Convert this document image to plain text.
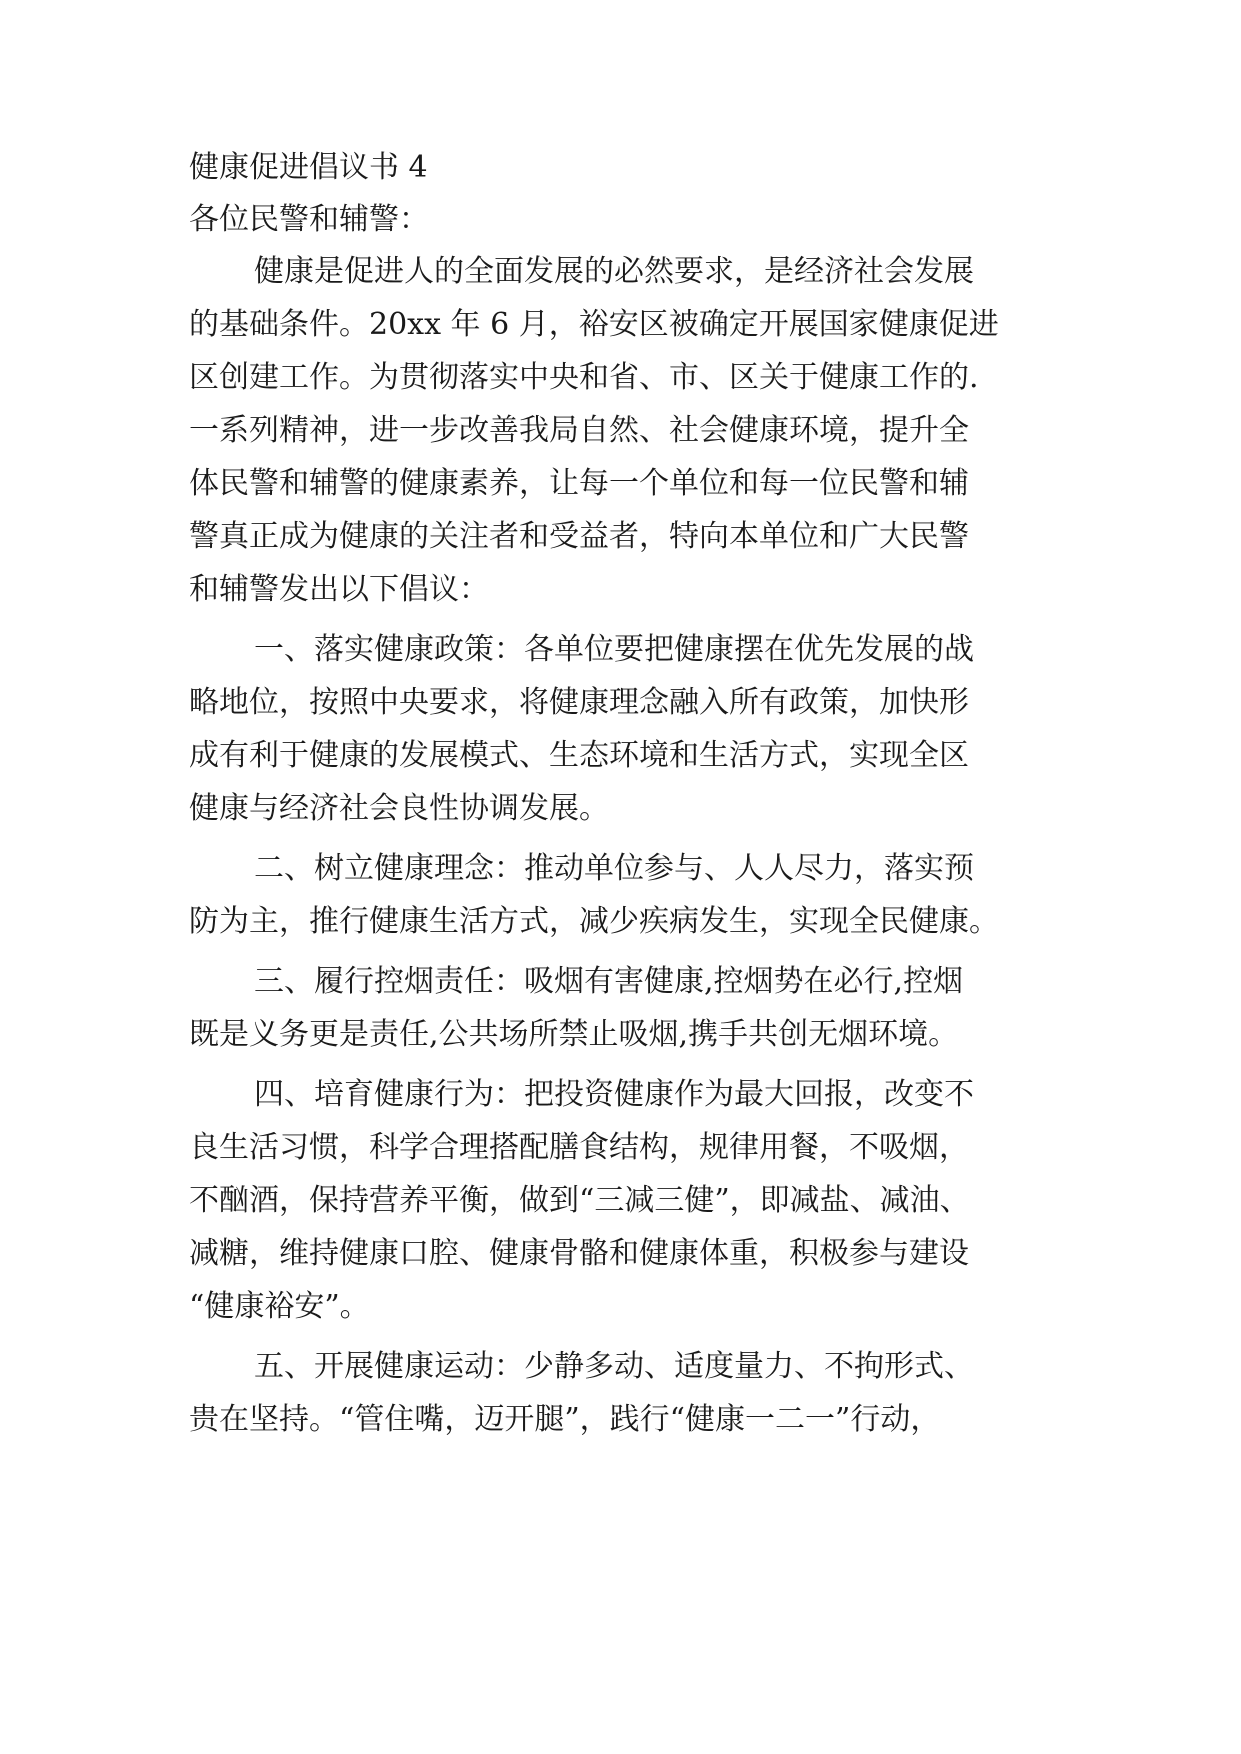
健康促进倡议书 4

各位民警和辅警：

健康是促进人的全面发展的必然要求，是经济社会发展

的基础条件。20xx 年 6 月，裕安区被确定开展国家健康促进

区创建工作。为贯彻落实中央和省、市、区关于健康工作的.

一系列精神，进一步改善我局自然、社会健康环境，提升全

体民警和辅警的健康素养，让每一个单位和每一位民警和辅

警真正成为健康的关注者和受益者，特向本单位和广大民警

和辅警发出以下倡议：

一、落实健康政策：各单位要把健康摆在优先发展的战

略地位，按照中央要求，将健康理念融入所有政策，加快形

成有利于健康的发展模式、生态环境和生活方式，实现全区

健康与经济社会良性协调发展。

二、树立健康理念：推动单位参与、人人尽力，落实预

防为主，推行健康生活方式，减少疾病发生，实现全民健康。

三、履行控烟责任：吸烟有害健康,控烟势在必行,控烟

既是义务更是责任,公共场所禁止吸烟,携手共创无烟环境。

四、培育健康行为：把投资健康作为最大回报，改变不

良生活习惯，科学合理搭配膳食结构，规律用餐，不吸烟，

不酗酒，保持营养平衡，做到“三减三健”，即减盐、减油、

减糖，维持健康口腔、健康骨骼和健康体重，积极参与建设

“健康裕安”。

五、开展健康运动：少静多动、适度量力、不拘形式、

贵在坚持。“管住嘴，迈开腿”，践行“健康一二一”行动，
